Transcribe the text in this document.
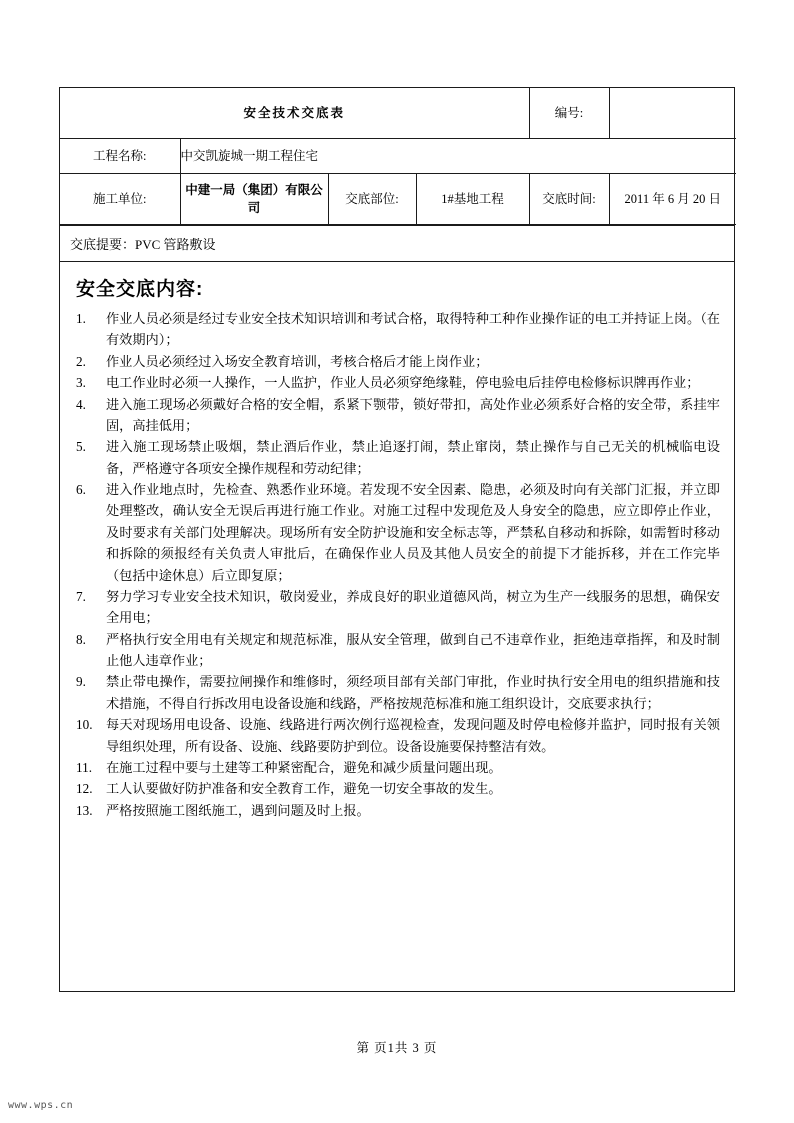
安全技术交底表				编号:	
工程名称:	中交凯旋城一期工程住宅				
施工单位:	中建一局（集团）有限公司	交底部位:	1#基地工程	交底时间:	2011 年 6 月 20 日
交底提要：PVC 管路敷设
安全交底内容:
作业人员必须是经过专业安全技术知识培训和考试合格，取得特种工种作业操作证的电工并持证上岗。（在有效期内）；
作业人员必须经过入场安全教育培训，考核合格后才能上岗作业；
电工作业时必须一人操作，一人监护，作业人员必须穿绝缘鞋，停电验电后挂停电检修标识牌再作业；
进入施工现场必须戴好合格的安全帽，系紧下颚带，锁好带扣，高处作业必须系好合格的安全带，系挂牢固，高挂低用；
进入施工现场禁止吸烟，禁止酒后作业，禁止追逐打闹，禁止窜岗，禁止操作与自己无关的机械临电设备，严格遵守各项安全操作规程和劳动纪律；
进入作业地点时，先检查、熟悉作业环境。若发现不安全因素、隐患，必须及时向有关部门汇报，并立即处理整改，确认安全无误后再进行施工作业。对施工过程中发现危及人身安全的隐患，应立即停止作业，及时要求有关部门处理解决。现场所有安全防护设施和安全标志等，严禁私自移动和拆除，如需暂时移动和拆除的须报经有关负责人审批后，在确保作业人员及其他人员安全的前提下才能拆移，并在工作完毕（包括中途休息）后立即复原；
努力学习专业安全技术知识，敬岗爱业，养成良好的职业道德风尚，树立为生产一线服务的思想，确保安全用电；
严格执行安全用电有关规定和规范标准，服从安全管理，做到自己不违章作业，拒绝违章指挥，和及时制止他人违章作业；
禁止带电操作，需要拉闸操作和维修时，须经项目部有关部门审批，作业时执行安全用电的组织措施和技术措施，不得自行拆改用电设备设施和线路，严格按规范标准和施工组织设计，交底要求执行；
每天对现场用电设备、设施、线路进行两次例行巡视检查，发现问题及时停电检修并监护，同时报有关领导组织处理，所有设备、设施、线路要防护到位。设备设施要保持整洁有效。
在施工过程中要与土建等工种紧密配合，避免和减少质量问题出现。
工人认要做好防护准备和安全教育工作，避免一切安全事故的发生。
严格按照施工图纸施工，遇到问题及时上报。
第 页1共 3 页
www.wps.cn
